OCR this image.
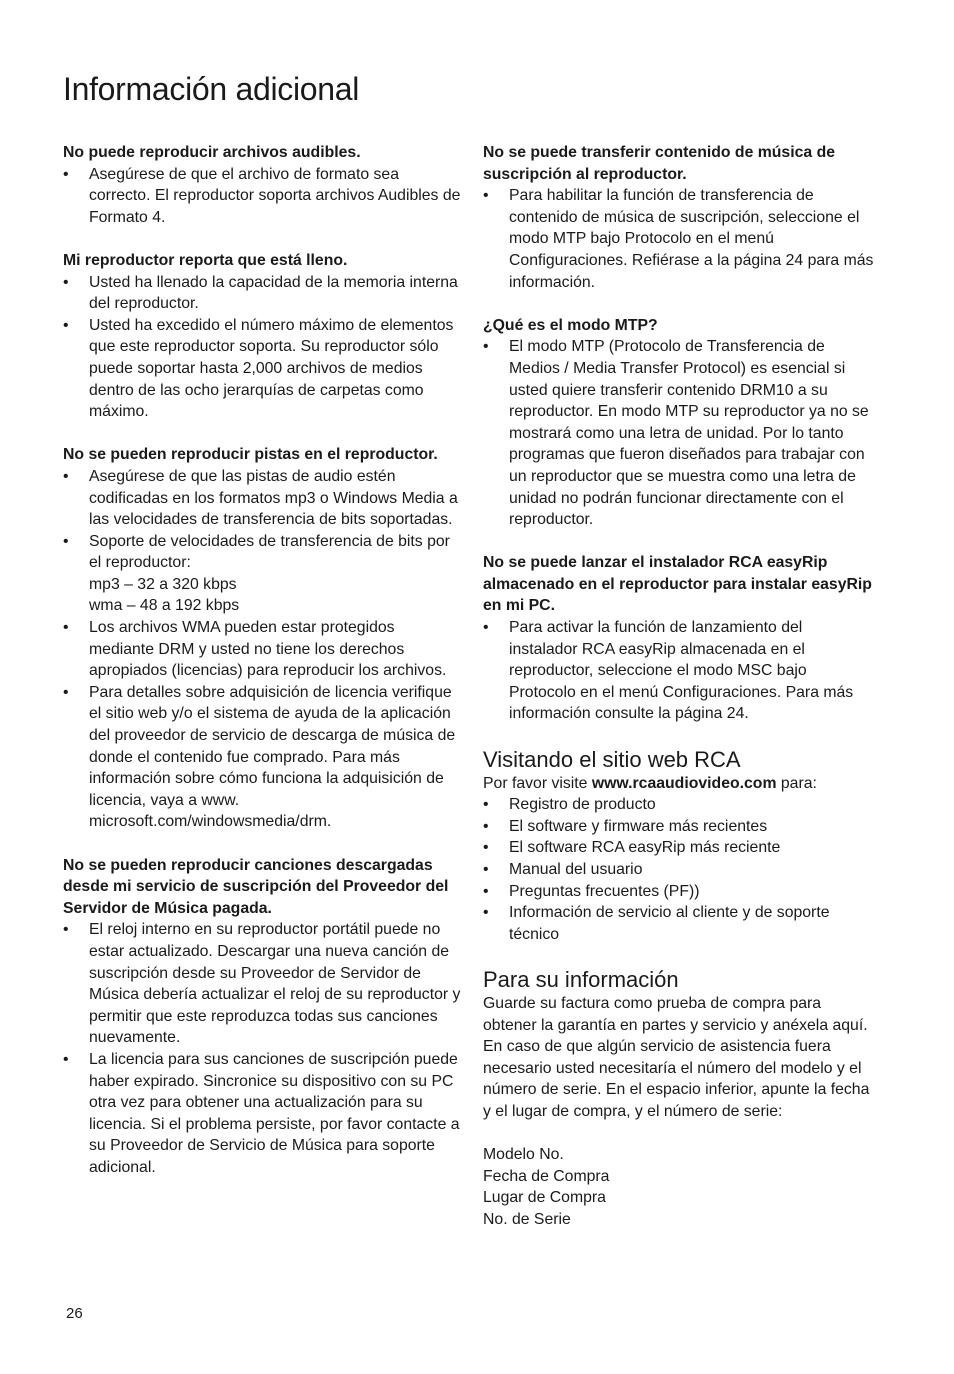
Información adicional

No puede reproducir archivos audibles.

• Asegúrese de que el archivo de formato sea correcto. El reproductor soporta archivos Audibles de Formato 4.

Mi reproductor reporta que está lleno.

• Usted ha llenado la capacidad de la memoria interna del reproductor.
• Usted ha excedido el número máximo de elementos que este reproductor soporta. Su reproductor sólo puede soportar hasta 2,000 archivos de medios dentro de las ocho jerarquías de carpetas como máximo.

No se pueden reproducir pistas en el reproductor.

• Asegúrese de que las pistas de audio estén codificadas en los formatos mp3 o Windows Media a las velocidades de transferencia de bits soportadas.
• Soporte de velocidades de transferencia de bits por el reproductor:
mp3 – 32 a 320 kbps
wma – 48 a 192 kbps
• Los archivos WMA pueden estar protegidos mediante DRM y usted no tiene los derechos apropiados (licencias) para reproducir los archivos.
• Para detalles sobre adquisición de licencia verifique el sitio web y/o el sistema de ayuda de la aplicación del proveedor de servicio de descarga de música de donde el contenido fue comprado. Para más información sobre cómo funciona la adquisición de licencia, vaya a www. microsoft.com/windowsmedia/drm.

No se pueden reproducir canciones descargadas desde mi servicio de suscripción del Proveedor del Servidor de Música pagada.

• El reloj interno en su reproductor portátil puede no estar actualizado. Descargar una nueva canción de suscripción desde su Proveedor de Servidor de Música debería actualizar el reloj de su reproductor y permitir que este reproduzca todas sus canciones nuevamente.
• La licencia para sus canciones de suscripción puede haber expirado. Sincronice su dispositivo con su PC otra vez para obtener una actualización para su licencia. Si el problema persiste, por favor contacte a su Proveedor de Servicio de Música para soporte adicional.

No se puede transferir contenido de música de suscripción al reproductor.

• Para habilitar la función de transferencia de contenido de música de suscripción, seleccione el modo MTP bajo Protocolo en el menú Configuraciones. Refiérase a la página 24 para más información.

¿Qué es el modo MTP?

• El modo MTP (Protocolo de Transferencia de Medios / Media Transfer Protocol) es esencial si usted quiere transferir contenido DRM10 a su reproductor. En modo MTP su reproductor ya no se mostrará como una letra de unidad. Por lo tanto programas que fueron diseñados para trabajar con un reproductor que se muestra como una letra de unidad no podrán funcionar directamente con el reproductor.

No se puede lanzar el instalador RCA easyRip almacenado en el reproductor para instalar easyRip en mi PC.

• Para activar la función de lanzamiento del instalador RCA easyRip almacenada en el reproductor, seleccione el modo MSC bajo Protocolo en el menú Configuraciones. Para más información consulte la página 24.
Visitando el sitio web RCA

Por favor visite www.rcaaudiovideo.com para:

• Registro de producto
• El software y firmware más recientes
• El software RCA easyRip más reciente
• Manual del usuario
• Preguntas frecuentes (PF))
• Información de servicio al cliente y de soporte técnico
Para su información

Guarde su factura como prueba de compra para obtener la garantía en partes y servicio y anéxela aquí.

En caso de que algún servicio de asistencia fuera necesario usted necesitaría el número del modelo y el número de serie. En el espacio inferior, apunte la fecha y el lugar de compra, y el número de serie:

Modelo No.

Fecha de Compra

Lugar de Compra

No. de Serie

26
